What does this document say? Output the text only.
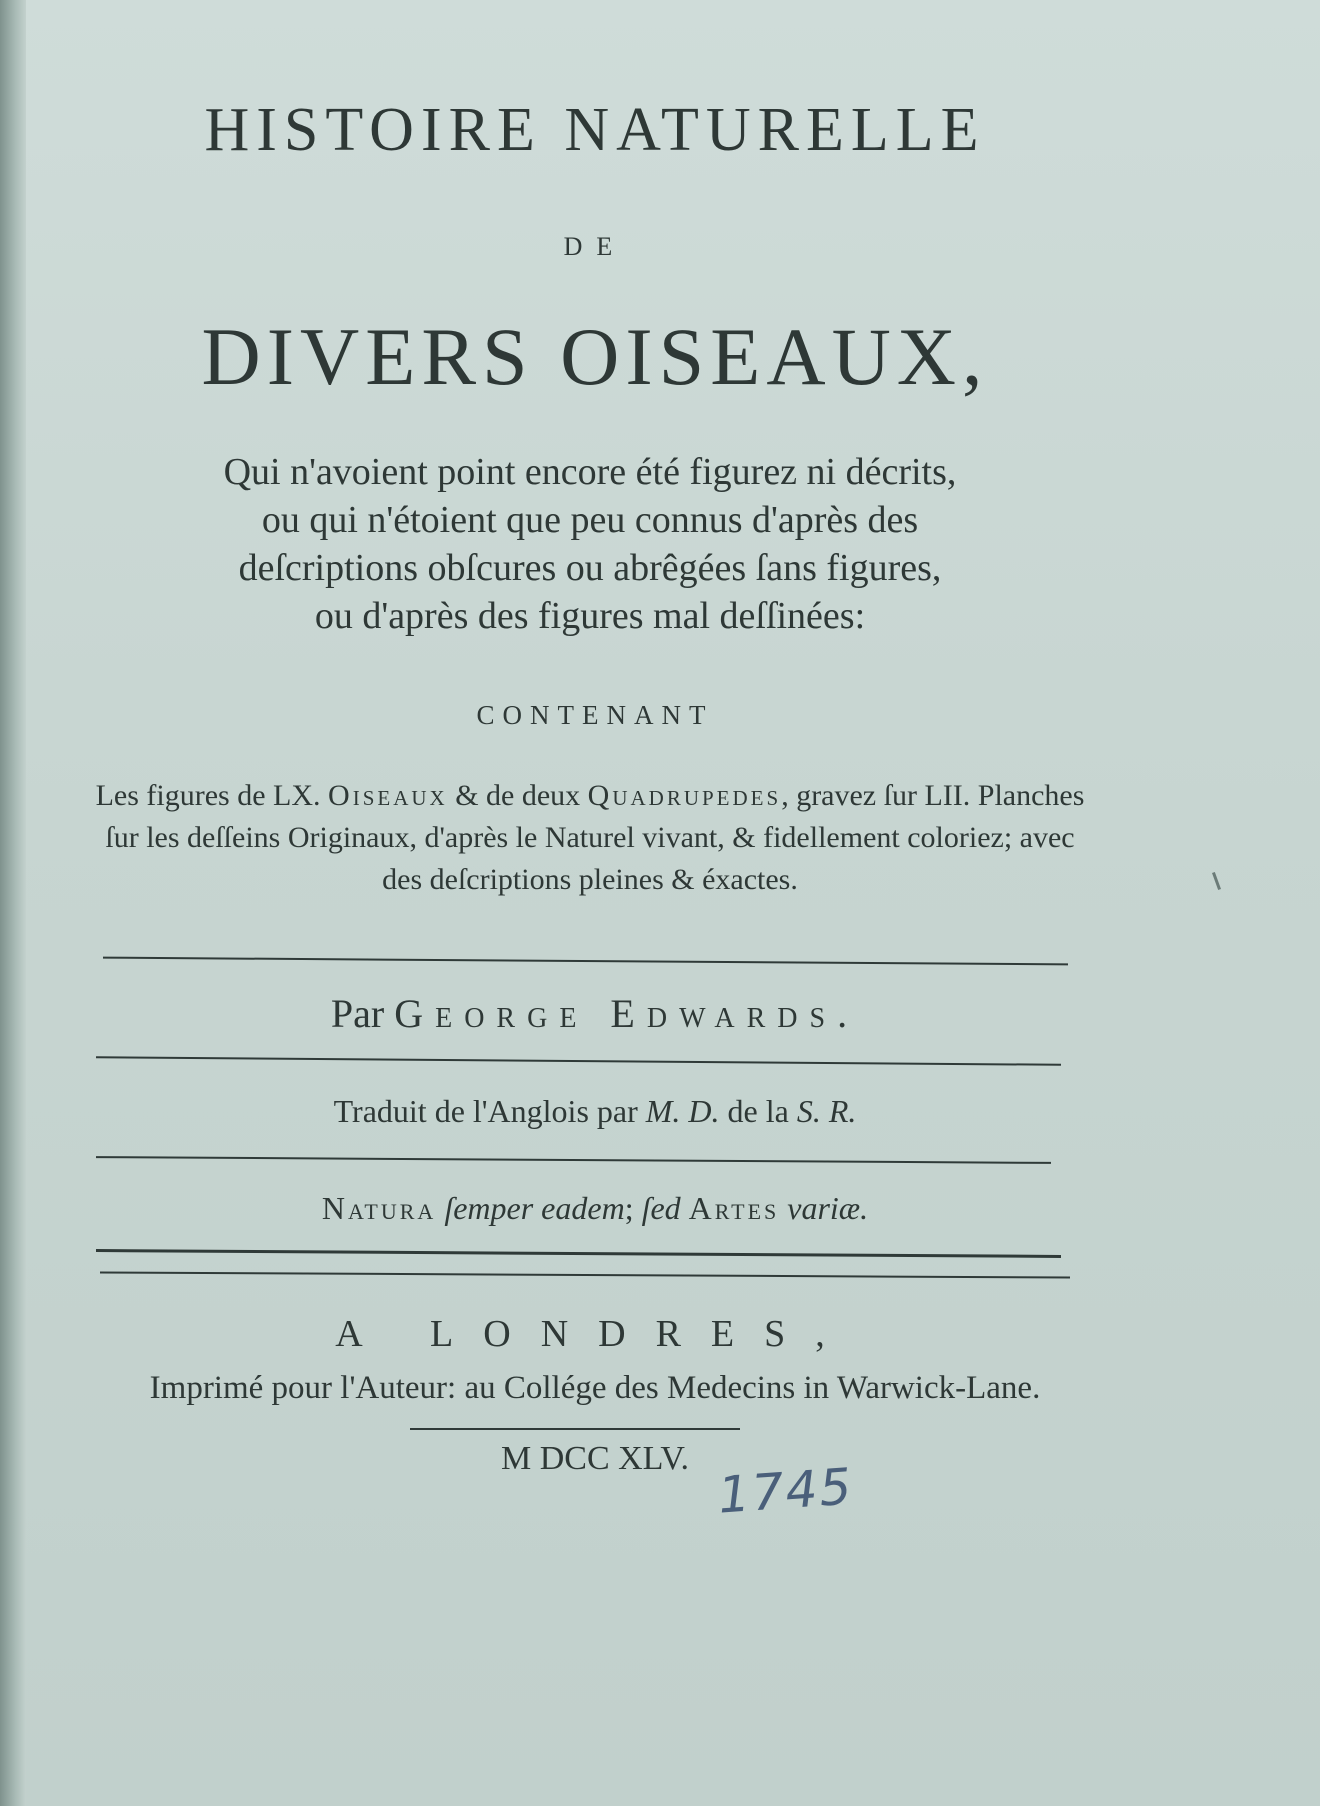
HISTOIRE NATURELLE
DE
DIVERS OISEAUX,
Qui n'avoient point encore été figurez ni décrits,
ou qui n'étoient que peu connus d'après des
deſcriptions obſcures ou abrêgées ſans figures,
ou d'après des figures mal deſſinées:
CONTENANT
Les figures de LX. Oiseaux & de deux Quadrupedes, gravez ſur LII. Planches ſur les deſſeins Originaux, d'après le Naturel vivant, & fidellement coloriez; avec des deſcriptions pleines & éxactes.
Par George Edwards.
Traduit de l'Anglois par M. D. de la S. R.
Natura ſemper eadem; ſed Artes variæ.
A LONDRES,
Imprimé pour l'Auteur: au Collége des Medecins in Warwick-Lane.
M DCC XLV. 1745
